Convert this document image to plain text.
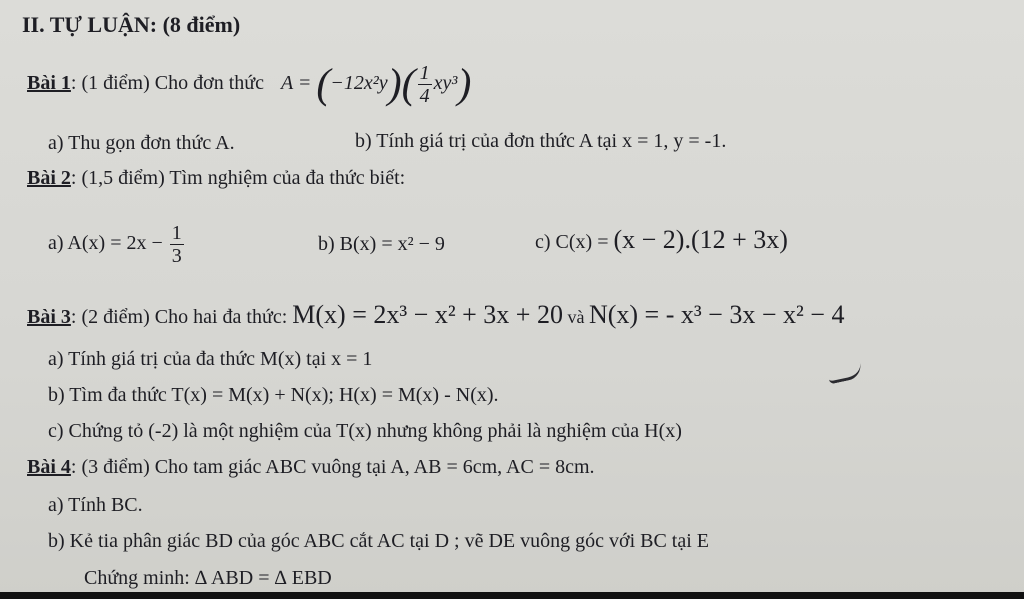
II. TỰ LUẬN: (8 điểm)
Bài 1: (1 điểm) Cho đơn thức $A = (-12x^2y)( \frac{1}{4} xy^3)$
a) Thu gọn đơn thức A.	b) Tính giá trị của đơn thức A tại x = 1, y = -1.
Bài 2: (1,5 điểm) Tìm nghiệm của đa thức biết:
a) $A(x) = 2x - \frac{1}{3}$	b) B(x) = x² − 9	c) C(x) = (x − 2).(12 + 3x)
Bài 3: (2 điểm) Cho hai đa thức: M(x) = 2x³ − x² + 3x + 20 và N(x) = - x³ − 3x − x² − 4
a) Tính giá trị của đa thức M(x) tại x = 1
b) Tìm đa thức T(x) = M(x) + N(x); H(x) = M(x) - N(x).
c) Chứng tỏ (-2) là một nghiệm của T(x) nhưng không phải là nghiệm của H(x)
Bài 4: (3 điểm) Cho tam giác ABC vuông tại A, AB = 6cm, AC = 8cm.
a) Tính BC.
b) Kẻ tia phân giác BD của góc ABC cắt AC tại D ; vẽ DE vuông góc với BC tại E
Chứng minh: ∆ ABD = ∆ EBD
